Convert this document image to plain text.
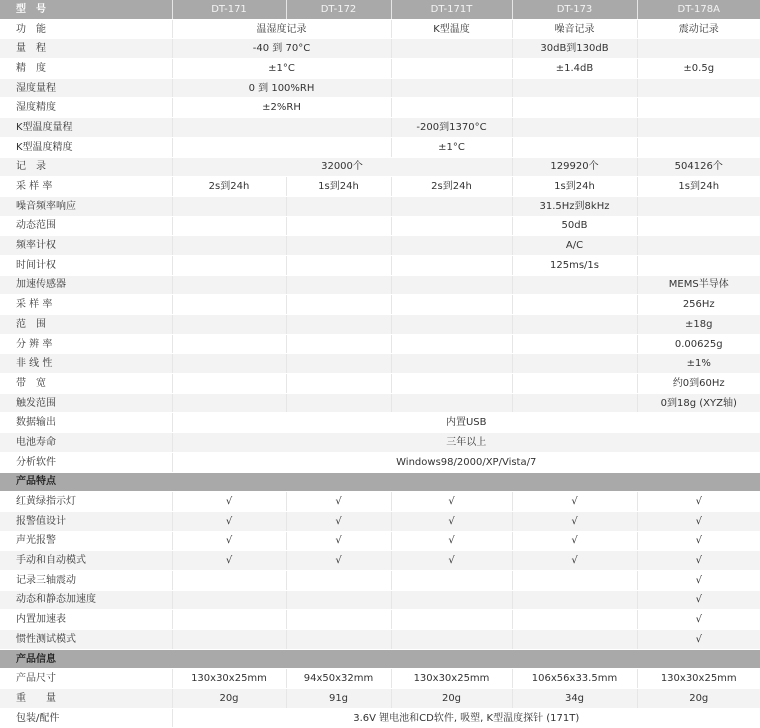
型　号	DT-171	DT-172	DT-171T	DT-173	DT-178A
功　能	温湿度记录		K型温度	噪音记录	震动记录
量　程	-40 到 70°C			30dB到130dB	
精　度	±1°C			±1.4dB	±0.5g
湿度量程	0 到 100%RH				
湿度精度	±2%RH				
K型温度量程			-200到1370°C		
K型温度精度			±1°C		
记　录	32000个			129920个	504126个
采 样 率	2s到24h	1s到24h	2s到24h	1s到24h	1s到24h
噪音频率响应				31.5Hz到8kHz	
动态范围				50dB	
频率计权				A/C	
时间计权				125ms/1s	
加速传感器					MEMS半导体
采 样 率					256Hz
范　围					±18g
分 辨 率					0.00625g
非 线 性					±1%
带　宽					约0到60Hz
触发范围					0到18g (XYZ轴)
数据输出	内置USB				
电池寿命	三年以上				
分析软件	Windows98/2000/XP/Vista/7				
产品特点					
红黄绿指示灯	√	√	√	√	√
报警值设计	√	√	√	√	√
声光报警	√	√	√	√	√
手动和自动模式	√	√	√	√	√
记录三轴震动					√
动态和静态加速度					√
内置加速表					√
惯性测试模式					√
产品信息					
产品尺寸	130x30x25mm	94x50x32mm	130x30x25mm	106x56x33.5mm	130x30x25mm
重　　量	20g	91g	20g	34g	20g
包装/配件	3.6V 锂电池和CD软件, 吸塑, K型温度探针 (171T)				
